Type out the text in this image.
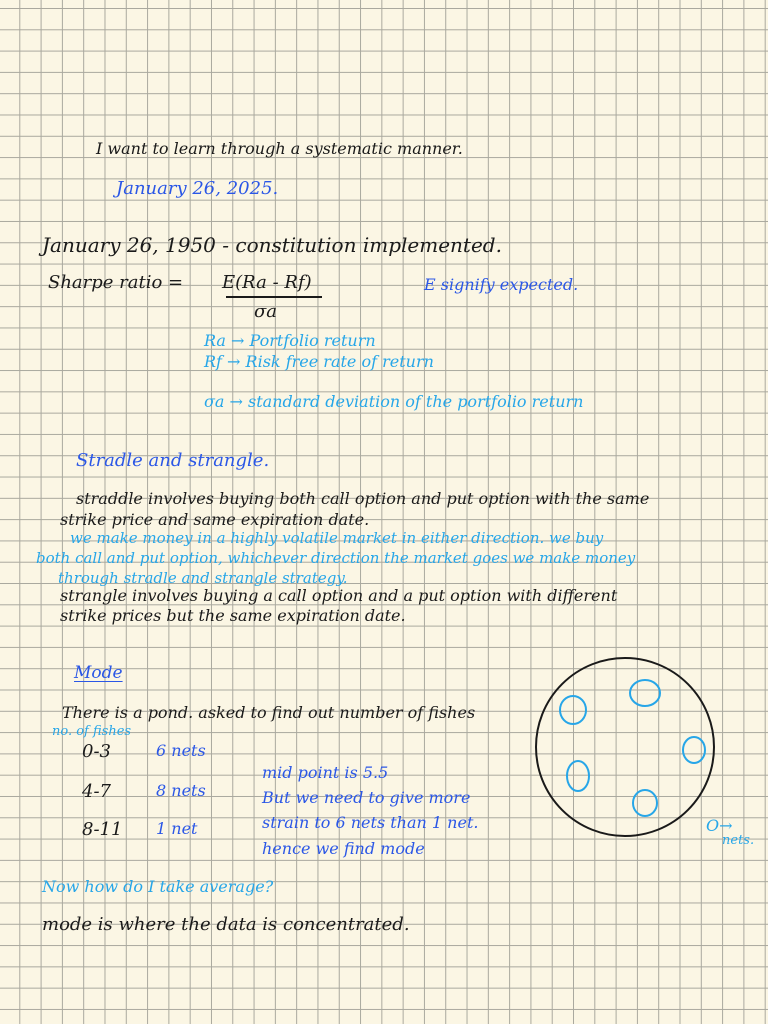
I want to learn through a systematic manner.
January 26, 2025.
January 26, 1950 - constitution implemented.
Sharpe ratio = E(Ra - Rf)
σa
E signify expected.
Ra → Portfolio return
Rf → Risk free rate of return
σa → standard deviation of the portfolio return
Stradle and strangle.
straddle involves buying both call option and put option with the same
strike price and same expiration date.
we make money in a highly volatile market in either direction. we buy
both call and put option, whichever direction the market goes we make money
through stradle and strangle strategy.
strangle involves buying a call option and a put option with different
strike prices but the same expiration date.
Mode
There is a pond. asked to find out number of fishes
no. of fishes
0-3	6 nets
4-7	8 nets
8-11 1 net
mid point is 5.5
But we need to give more
strain to 6 nets than 1 net.
hence we find mode
O→
nets.
Now how do I take average?
mode is where the data is concentrated.
